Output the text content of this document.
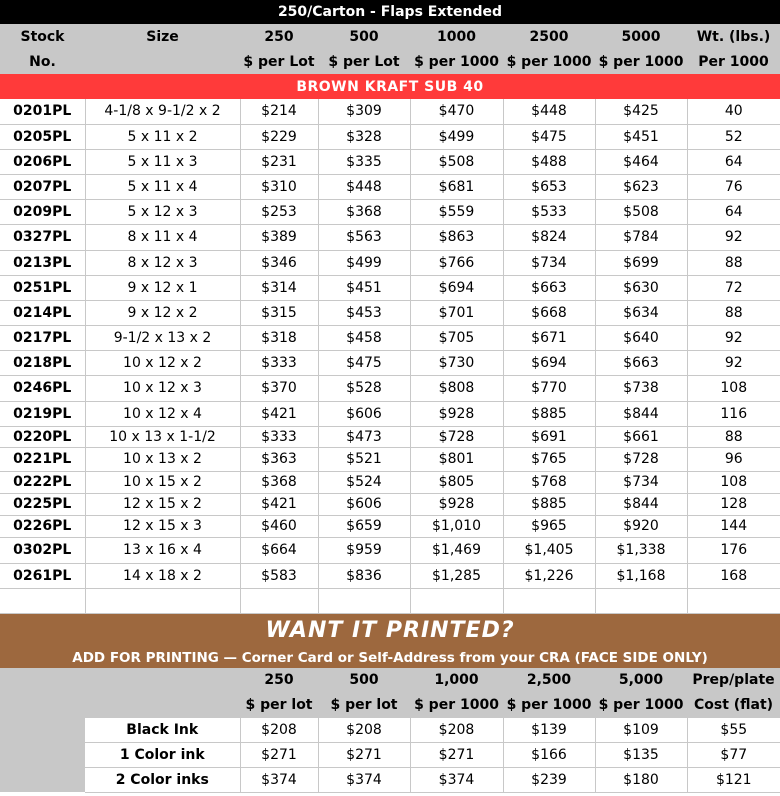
250/Carton - Flaps Extended							
Stock	Size	250	500	1000	2500	5000	Wt. (lbs.)
No.		$ per Lot	$ per Lot	$ per 1000	$ per 1000	$ per 1000	Per 1000
BROWN KRAFT SUB 40							
0201PL	4-1/8 x 9-1/2 x 2	$214	$309	$470	$448	$425	40
0205PL	5 x 11 x 2	$229	$328	$499	$475	$451	52
0206PL	5 x 11 x 3	$231	$335	$508	$488	$464	64
0207PL	5 x 11 x 4	$310	$448	$681	$653	$623	76
0209PL	5 x 12 x 3	$253	$368	$559	$533	$508	64
0327PL	8 x 11 x 4	$389	$563	$863	$824	$784	92
0213PL	8 x 12 x 3	$346	$499	$766	$734	$699	88
0251PL	9 x 12 x 1	$314	$451	$694	$663	$630	72
0214PL	9 x 12 x 2	$315	$453	$701	$668	$634	88
0217PL	9-1/2 x 13 x 2	$318	$458	$705	$671	$640	92
0218PL	10 x 12 x 2	$333	$475	$730	$694	$663	92
0246PL	10 x 12 x 3	$370	$528	$808	$770	$738	108
0219PL	10 x 12 x 4	$421	$606	$928	$885	$844	116
0220PL	10 x 13 x 1-1/2	$333	$473	$728	$691	$661	88
0221PL	10 x 13 x 2	$363	$521	$801	$765	$728	96
0222PL	10 x 15 x 2	$368	$524	$805	$768	$734	108
0225PL	12 x 15 x 2	$421	$606	$928	$885	$844	128
0226PL	12 x 15 x 3	$460	$659	$1,010	$965	$920	144
0302PL	13 x 16 x 4	$664	$959	$1,469	$1,405	$1,338	176
0261PL	14 x 18 x 2	$583	$836	$1,285	$1,226	$1,168	168

WANT IT PRINTED?							
ADD FOR PRINTING — Corner Card or Self-Address from your CRA (FACE SIDE ONLY)							
		250	500	1,000	2,500	5,000	Prep/plate
		$ per lot	$ per lot	$ per 1000	$ per 1000	$ per 1000	Cost (flat)
	Black Ink	$208	$208	$208	$139	$109	$55
	1 Color ink	$271	$271	$271	$166	$135	$77
	2 Color inks	$374	$374	$374	$239	$180	$121
